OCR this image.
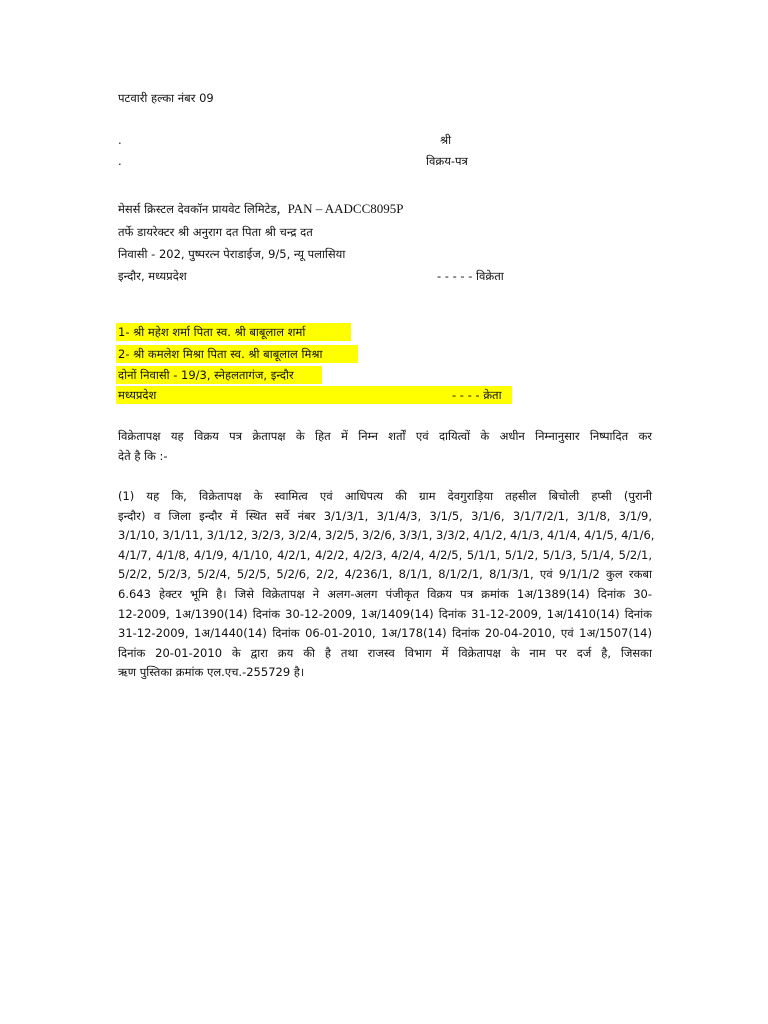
पटवारी हल्का नंबर 09
.	श्री
.	विक्रय-पत्र
मेसर्स क्रिस्टल देवकॉन प्रायवेट लिमिटेड, PAN – AADCC8095P
तर्फे डायरेक्टर श्री अनुराग दत पिता श्री चन्द्र दत
निवासी - 202, पुष्परत्न पेराडाईज, 9/5, न्यू पलासिया
इन्दौर, मध्यप्रदेश	- - - - - विक्रेता
1- श्री महेश शर्मा पिता स्व. श्री बाबूलाल शर्मा
2- श्री कमलेश मिश्रा पिता स्व. श्री बाबूलाल मिश्रा
दोनों निवासी - 19/3, स्नेहलतागंज, इन्दौर
मध्यप्रदेश	- - - - क्रेता
विक्रेतापक्ष यह विक्रय पत्र क्रेतापक्ष के हित में निम्न शर्तों एवं दायित्वों के अधीन निम्नानुसार निष्पादित कर
देते है कि :-
(1) यह कि, विक्रेतापक्ष के स्वामित्व एवं आधिपत्य की ग्राम देवगुराड़िया तहसील बिचोली हप्सी (पुरानी
इन्दौर) व जिला इन्दौर में स्थित सर्वे नंबर 3/1/3/1, 3/1/4/3, 3/1/5, 3/1/6, 3/1/7/2/1, 3/1/8, 3/1/9,
3/1/10, 3/1/11, 3/1/12, 3/2/3, 3/2/4, 3/2/5, 3/2/6, 3/3/1, 3/3/2, 4/1/2, 4/1/3, 4/1/4, 4/1/5, 4/1/6,
4/1/7, 4/1/8, 4/1/9, 4/1/10, 4/2/1, 4/2/2, 4/2/3, 4/2/4, 4/2/5, 5/1/1, 5/1/2, 5/1/3, 5/1/4, 5/2/1,
5/2/2, 5/2/3, 5/2/4, 5/2/5, 5/2/6, 2/2, 4/236/1, 8/1/1, 8/1/2/1, 8/1/3/1, एवं 9/1/1/2 कुल रकबा
6.643 हेक्टर भूमि है। जिसे विक्रेतापक्ष ने अलग-अलग पंजीकृत विक्रय पत्र क्रमांक 1अ/1389(14) दिनांक 30-
12-2009, 1अ/1390(14) दिनांक 30-12-2009, 1अ/1409(14) दिनांक 31-12-2009, 1अ/1410(14) दिनांक
31-12-2009, 1अ/1440(14) दिनांक 06-01-2010, 1अ/178(14) दिनांक 20-04-2010, एवं 1अ/1507(14)
दिनांक 20-01-2010 के द्वारा क्रय की है तथा राजस्व विभाग में विक्रेतापक्ष के नाम पर दर्ज है, जिसका
ऋण पुस्तिका क्रमांक एल.एच.-255729 है।
